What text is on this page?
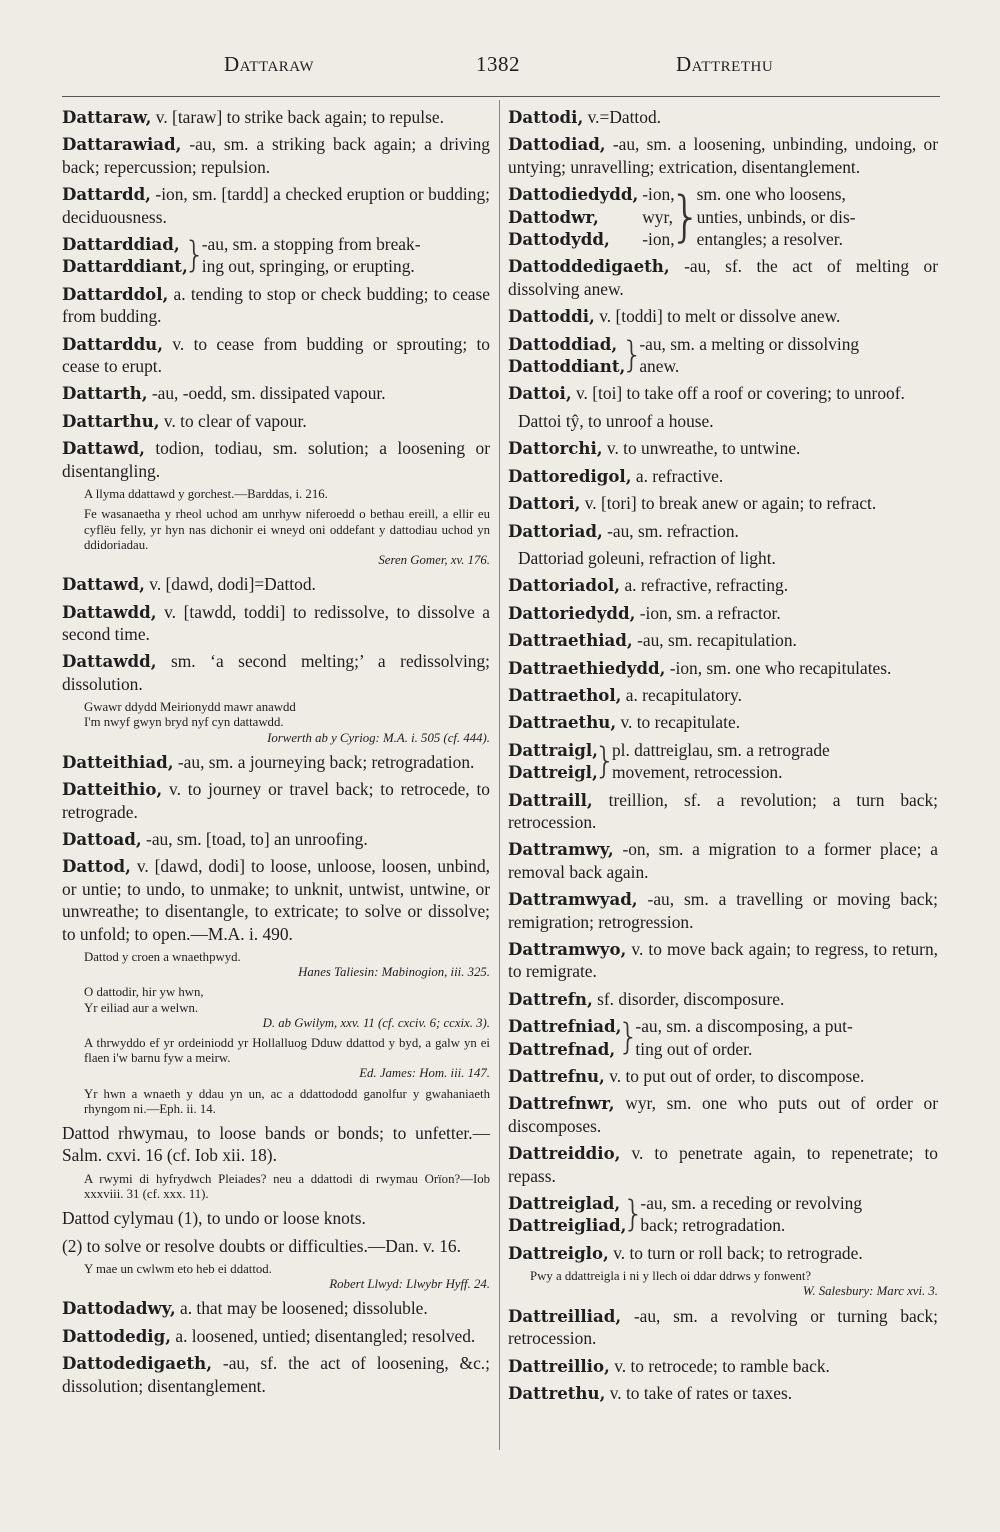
Dattaraw	1382	Dattrethu

Dattaraw, v. [taraw] to strike back again; to repulse.

Dattarawiad, -au, sm. a striking back again; a driving back; repercussion; repulsion.

Dattardd, -ion, sm. [tardd] a checked eruption or budding; deciduousness.

Dattarddiad,
Dattarddiant,
}
-au, sm. a stopping from break-
ing out, springing, or erupting.

Dattarddol, a. tending to stop or check budding; to cease from budding.

Dattarddu, v. to cease from budding or sprouting; to cease to erupt.

Dattarth, -au, -oedd, sm. dissipated vapour.

Dattarthu, v. to clear of vapour.

Dattawd, todion, todiau, sm. solution; a loosening or disentangling.

A llyma ddattawd y gorchest.—Barddas, i. 216.
Fe wasanaetha y rheol uchod am unrhyw niferoedd o bethau ereill, a ellir eu cyflëu felly, yr hyn nas dichonir ei wneyd oni oddefant y dattodiau uchod yn ddidoriadau.
Seren Gomer, xv. 176.

Dattawd, v. [dawd, dodi]=Dattod.

Dattawdd, v. [tawdd, toddi] to redissolve, to dissolve a second time.

Dattawdd, sm. ‘a second melting;’ a redissolving; dissolution.

Gwawr ddydd Meirionydd mawr anawdd
I'm nwyf gwyn bryd nyf cyn dattawdd.
Iorwerth ab y Cyriog: M.A. i. 505 (cf. 444).

Datteithiad, -au, sm. a journeying back; retrogradation.

Datteithio, v. to journey or travel back; to retrocede, to retrograde.

Dattoad, -au, sm. [toad, to] an unroofing.

Dattod, v. [dawd, dodi] to loose, unloose, loosen, unbind, or untie; to undo, to unmake; to unknit, untwist, untwine, or unwreathe; to disentangle, to extricate; to solve or dissolve; to unfold; to open.—M.A. i. 490.

Dattod y croen a wnaethpwyd.
Hanes Taliesin: Mabinogion, iii. 325.
O dattodir, hir yw hwn,
Yr eiliad aur a welwn.
D. ab Gwilym, xxv. 11 (cf. cxciv. 6; ccxix. 3).
A thrwyddo ef yr ordeiniodd yr Hollalluog Dduw ddattod y byd, a galw yn ei flaen i'w barnu fyw a meirw.
Ed. James: Hom. iii. 147.
Yr hwn a wnaeth y ddau yn un, ac a ddattododd ganolfur y gwahaniaeth rhyngom ni.—Eph. ii. 14.

Dattod rhwymau, to loose bands or bonds; to unfetter.—Salm. cxvi. 16 (cf. Iob xii. 18).

A rwymi di hyfrydwch Pleiades? neu a ddattodi di rwymau Orïon?—Iob xxxviii. 31 (cf. xxx. 11).

Dattod cylymau (1), to undo or loose knots.

(2) to solve or resolve doubts or difficulties.—Dan. v. 16.

Y mae un cwlwm eto heb ei ddattod.
Robert Llwyd: Llwybr Hyff. 24.

Dattodadwy, a. that may be loosened; dissoluble.

Dattodedig, a. loosened, untied; disentangled; resolved.

Dattodedigaeth, -au, sf. the act of loosening, &c.; dissolution; disentanglement.

Dattodi, v.=Dattod.

Dattodiad, -au, sm. a loosening, unbinding, undoing, or untying; unravelling; extrication, disentanglement.

Dattodiedydd,
Dattodwr,
Dattodydd,
-ion,
wyr,
-ion,
}
sm. one who loosens,
unties, unbinds, or dis-
entangles; a resolver.

Dattoddedigaeth, -au, sf. the act of melting or dissolving anew.

Dattoddi, v. [toddi] to melt or dissolve anew.

Dattoddiad,
Dattoddiant,
}
-au, sm. a melting or dissolving
anew.

Dattoi, v. [toi] to take off a roof or covering; to unroof.

Dattoi tŷ, to unroof a house.

Dattorchi, v. to unwreathe, to untwine.

Dattoredigol, a. refractive.

Dattori, v. [tori] to break anew or again; to refract.

Dattoriad, -au, sm. refraction.

Dattoriad goleuni, refraction of light.

Dattoriadol, a. refractive, refracting.

Dattoriedydd, -ion, sm. a refractor.

Dattraethiad, -au, sm. recapitulation.

Dattraethiedydd, -ion, sm. one who recapitulates.

Dattraethol, a. recapitulatory.

Dattraethu, v. to recapitulate.

Dattraigl,
Dattreigl,
}
pl. dattreiglau, sm. a retrograde
movement, retrocession.

Dattraill, treillion, sf. a revolution; a turn back; retrocession.

Dattramwy, -on, sm. a migration to a former place; a removal back again.

Dattramwyad, -au, sm. a travelling or moving back; remigration; retrogression.

Dattramwyo, v. to move back again; to regress, to return, to remigrate.

Dattrefn, sf. disorder, discomposure.

Dattrefniad,
Dattrefnad, }
-au, sm. a discomposing, a put-
ting out of order.

Dattrefnu, v. to put out of order, to discompose.

Dattrefnwr, wyr, sm. one who puts out of order or discomposes.

Dattreiddio, v. to penetrate again, to repenetrate; to repass.

Dattreiglad,
Dattreigliad,
}
-au, sm. a receding or revolving
back; retrogradation.

Dattreiglo, v. to turn or roll back; to retrograde.

Pwy a ddattreigla i ni y llech oi ddar ddrws y fonwent?
W. Salesbury: Marc xvi. 3.

Dattreilliad, -au, sm. a revolving or turning back; retrocession.

Dattreillio, v. to retrocede; to ramble back.

Dattrethu, v. to take of rates or taxes.
